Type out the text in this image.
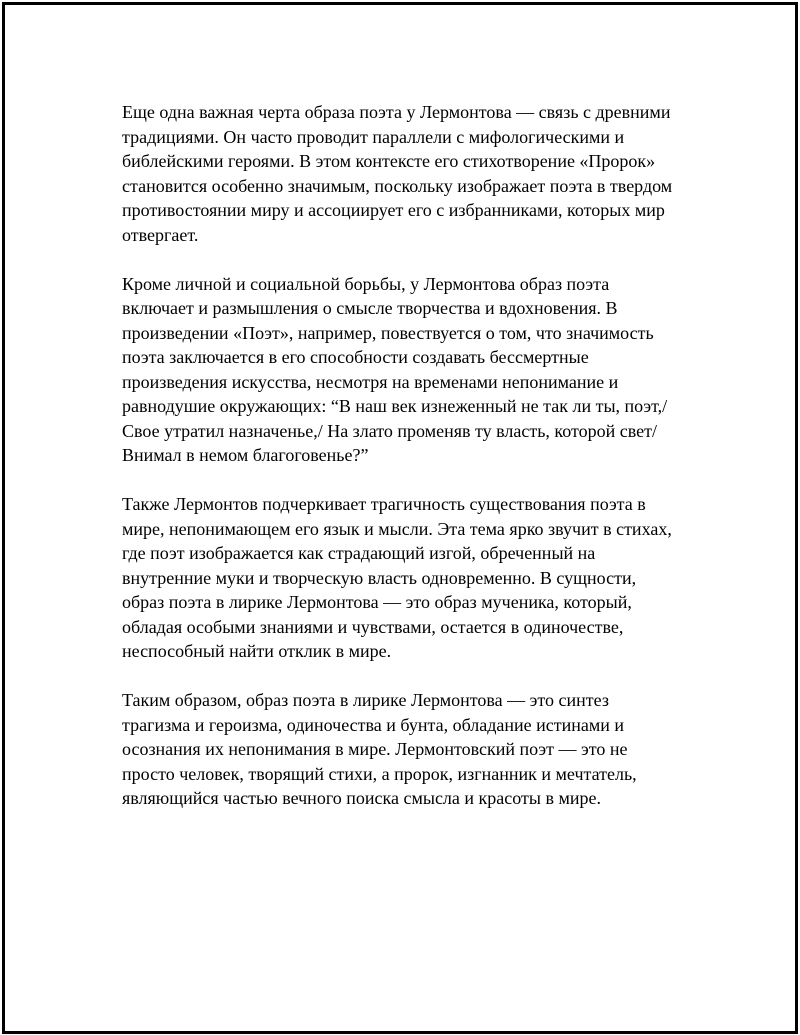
Еще одна важная черта образа поэта у Лермонтова — связь с древними
традициями. Он часто проводит параллели с мифологическими и
библейскими героями. В этом контексте его стихотворение «Пророк»
становится особенно значимым, поскольку изображает поэта в твердом
противостоянии миру и ассоциирует его с избранниками, которых мир
отвергает.

Кроме личной и социальной борьбы, у Лермонтова образ поэта
включает и размышления о смысле творчества и вдохновения. В
произведении «Поэт», например, повествуется о том, что значимость
поэта заключается в его способности создавать бессмертные
произведения искусства, несмотря на временами непонимание и
равнодушие окружающих: “В наш век изнеженный не так ли ты, поэт,/
Свое утратил назначенье,/ На злато променяв ту власть, которой свет/
Внимал в немом благоговенье?”

Также Лермонтов подчеркивает трагичность существования поэта в
мире, непонимающем его язык и мысли. Эта тема ярко звучит в стихах,
где поэт изображается как страдающий изгой, обреченный на
внутренние муки и творческую власть одновременно. В сущности,
образ поэта в лирике Лермонтова — это образ мученика, который,
обладая особыми знаниями и чувствами, остается в одиночестве,
неспособный найти отклик в мире.

Таким образом, образ поэта в лирике Лермонтова — это синтез
трагизма и героизма, одиночества и бунта, обладание истинами и
осознания их непонимания в мире. Лермонтовский поэт — это не
просто человек, творящий стихи, а пророк, изгнанник и мечтатель,
являющийся частью вечного поиска смысла и красоты в мире.
